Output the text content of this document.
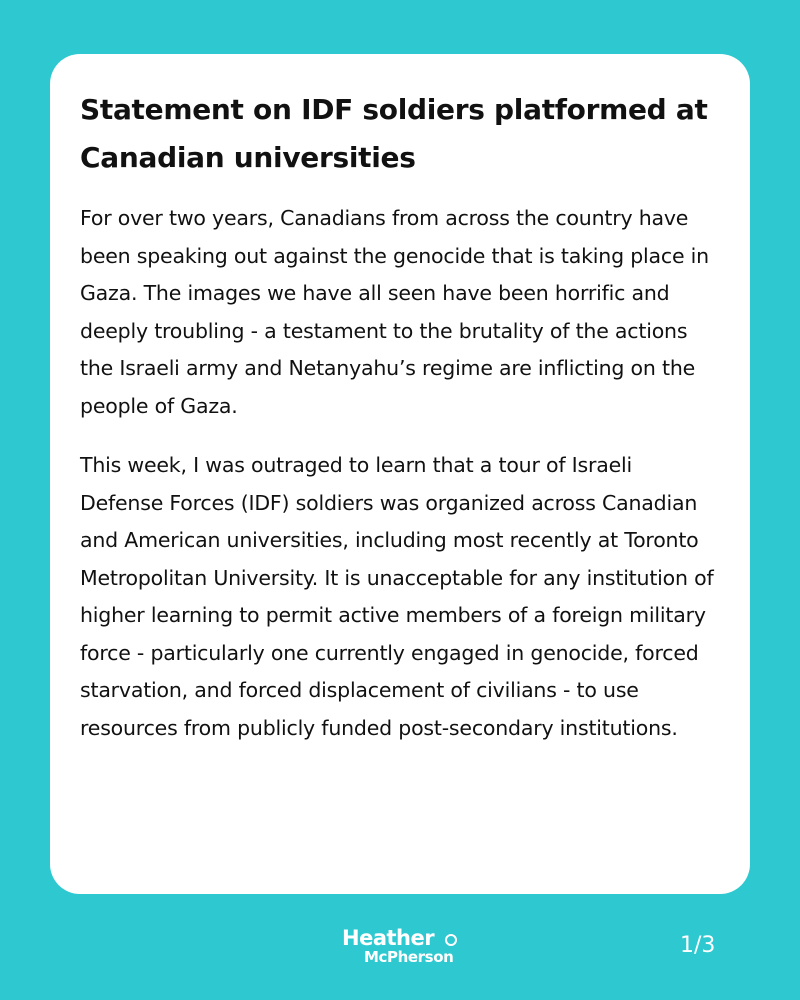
Statement on IDF soldiers platformed at Canadian universities

For over two years, Canadians from across the country have been speaking out against the genocide that is taking place in Gaza. The images we have all seen have been horrific and deeply troubling - a testament to the brutality of the actions the Israeli army and Netanyahu’s regime are inflicting on the people of Gaza.

This week, I was outraged to learn that a tour of Israeli Defense Forces (IDF) soldiers was organized across Canadian and American universities, including most recently at Toronto Metropolitan University. It is unacceptable for any institution of higher learning to permit active members of a foreign military force - particularly one currently engaged in genocide, forced starvation, and forced displacement of civilians - to use resources from publicly funded post-secondary institutions.

Heather
McPherson	1/3
